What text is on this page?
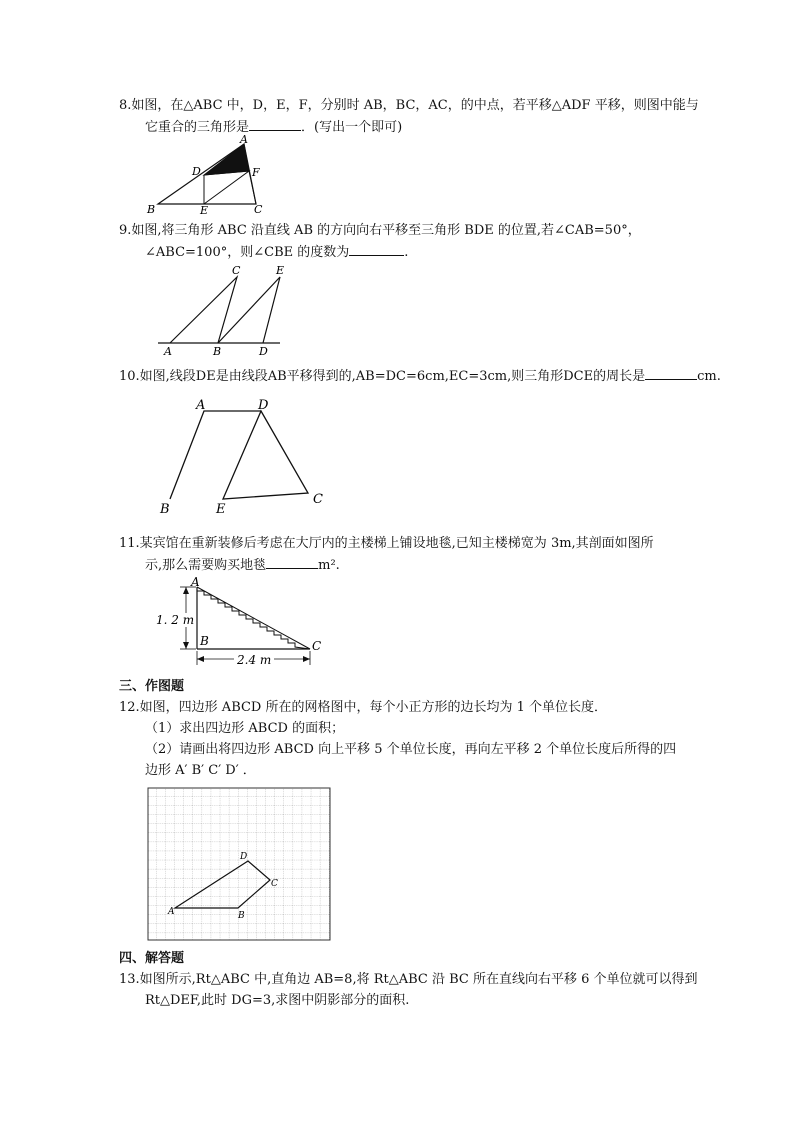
8.如图，在△ABC 中，D，E，F，分别时 AB，BC，AC，的中点，若平移△ADF 平移，则图中能与
它重合的三角形是	．(写出一个即可)
A
B	C
D
E
F
9.如图,将三角形 ABC 沿直线 AB 的方向向右平移至三角形 BDE 的位置,若∠CAB=50°，
∠ABC=100°，则∠CBE 的度数为	.
C	E
A	B	D
10.如图,线段DE是由线段AB平移得到的,AB=DC=6cm,EC=3cm,则三角形DCE的周长是	cm.
A	D
B	E
C
11.某宾馆在重新装修后考虑在大厅内的主楼梯上铺设地毯,已知主楼梯宽为 3m,其剖面如图所
示,那么需要购买地毯	m².
1. 2 m
2.4 m
A
B	C
三、作图题
12.如图，四边形 ABCD 所在的网格图中，每个小正方形的边长均为 1 个单位长度．
（1）求出四边形 ABCD 的面积；
（2）请画出将四边形 ABCD 向上平移 5 个单位长度，再向左平移 2 个单位长度后所得的四
边形 A′ B′ C′ D′ ．
A	B
C
D
四、解答题
13.如图所示,Rt△ABC 中,直角边 AB=8,将 Rt△ABC 沿 BC 所在直线向右平移 6 个单位就可以得到
Rt△DEF,此时 DG=3,求图中阴影部分的面积.
